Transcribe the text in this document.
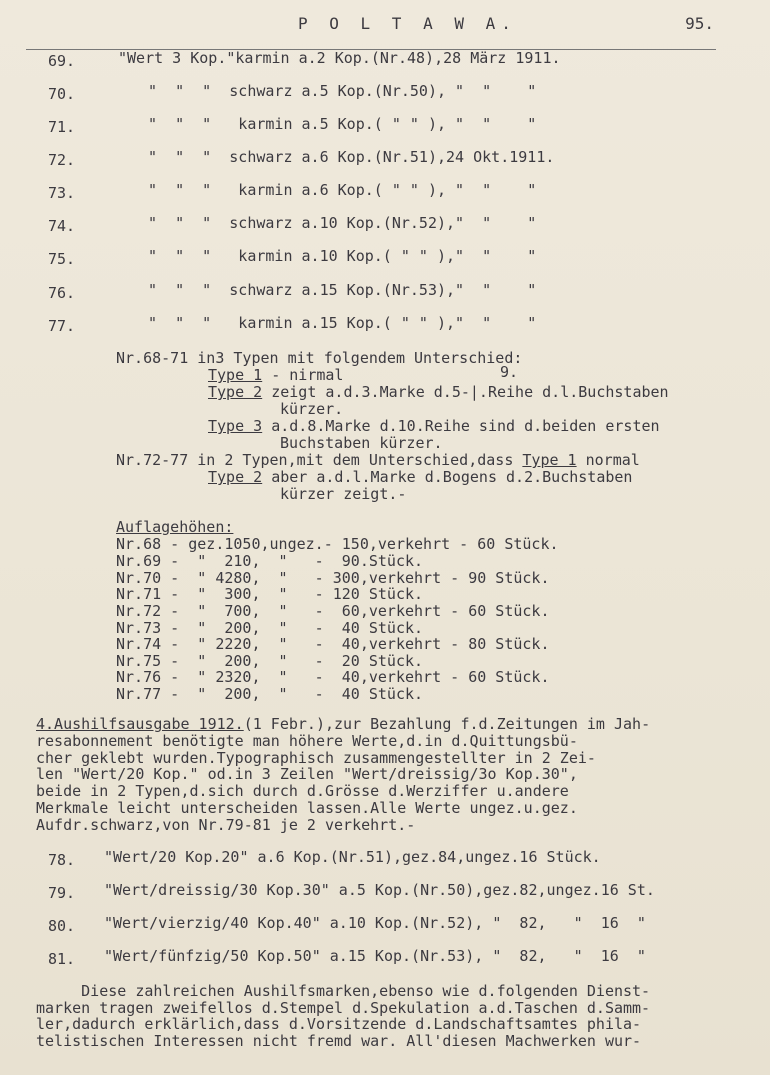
P O L T A W A.	95.
69.	"Wert 3 Kop."karmin a.2 Kop.(Nr.48),28 März 1911.
70.	"  "  "  schwarz a.5 Kop.(Nr.50), "  "    "
71.	"  "  "   karmin a.5 Kop.( " " ), "  "    "
72.	"  "  "  schwarz a.6 Kop.(Nr.51),24 Okt.1911.
73.	"  "  "   karmin a.6 Kop.( " " ), "  "    "
74.	"  "  "  schwarz a.10 Kop.(Nr.52),"  "    "
75.	"  "  "   karmin a.10 Kop.( " " ),"  "    "
76.	"  "  "  schwarz a.15 Kop.(Nr.53),"  "    "
77.	"  "  "   karmin a.15 Kop.( " " ),"  "    "
Nr.68-71 in3 Typen mit folgendem Unterschied:
Type 1 - nirmal	9.
Type 2 zeigt a.d.3.Marke d.5-|.Reihe d.l.Buchstaben
kürzer.
Type 3 a.d.8.Marke d.10.Reihe sind d.beiden ersten
Buchstaben kürzer.
Nr.72-77 in 2 Typen,mit dem Unterschied,dass Type 1 normal
Type 2 aber a.d.l.Marke d.Bogens d.2.Buchstaben
kürzer zeigt.-
Auflagehöhen:
Nr.68 - gez.1050,ungez.- 150,verkehrt - 60 Stück.
Nr.69 -  "  210,  "   -  90.Stück.
Nr.70 -  " 4280,  "   - 300,verkehrt - 90 Stück.
Nr.71 -  "  300,  "   - 120 Stück.
Nr.72 -  "  700,  "   -  60,verkehrt - 60 Stück.
Nr.73 -  "  200,  "   -  40 Stück.
Nr.74 -  " 2220,  "   -  40,verkehrt - 80 Stück.
Nr.75 -  "  200,  "   -  20 Stück.
Nr.76 -  " 2320,  "   -  40,verkehrt - 60 Stück.
Nr.77 -  "  200,  "   -  40 Stück.
4.Aushilfsausgabe 1912.(1 Febr.),zur Bezahlung f.d.Zeitungen im Jah-
resabonnement benötigte man höhere Werte,d.in d.Quittungsbü-
cher geklebt wurden.Typographisch zusammengestellter in 2 Zei-
len "Wert/20 Kop." od.in 3 Zeilen "Wert/dreissig/3o Kop.30",
beide in 2 Typen,d.sich durch d.Grösse d.Werziffer u.andere
Merkmale leicht unterscheiden lassen.Alle Werte ungez.u.gez.
Aufdr.schwarz,von Nr.79-81 je 2 verkehrt.-
78. "Wert/20 Kop.20" a.6 Kop.(Nr.51),gez.84,ungez.16 Stück.
79. "Wert/dreissig/30 Kop.30" a.5 Kop.(Nr.50),gez.82,ungez.16 St.
80. "Wert/vierzig/40 Kop.40" a.10 Kop.(Nr.52), "  82,   "  16  "
81. "Wert/fünfzig/50 Kop.50" a.15 Kop.(Nr.53), "  82,   "  16  "
Diese zahlreichen Aushilfsmarken,ebenso wie d.folgenden Dienst-
marken tragen zweifellos d.Stempel d.Spekulation a.d.Taschen d.Samm-
ler,dadurch erklärlich,dass d.Vorsitzende d.Landschaftsamtes phila-
telistischen Interessen nicht fremd war. All'diesen Machwerken wur-
